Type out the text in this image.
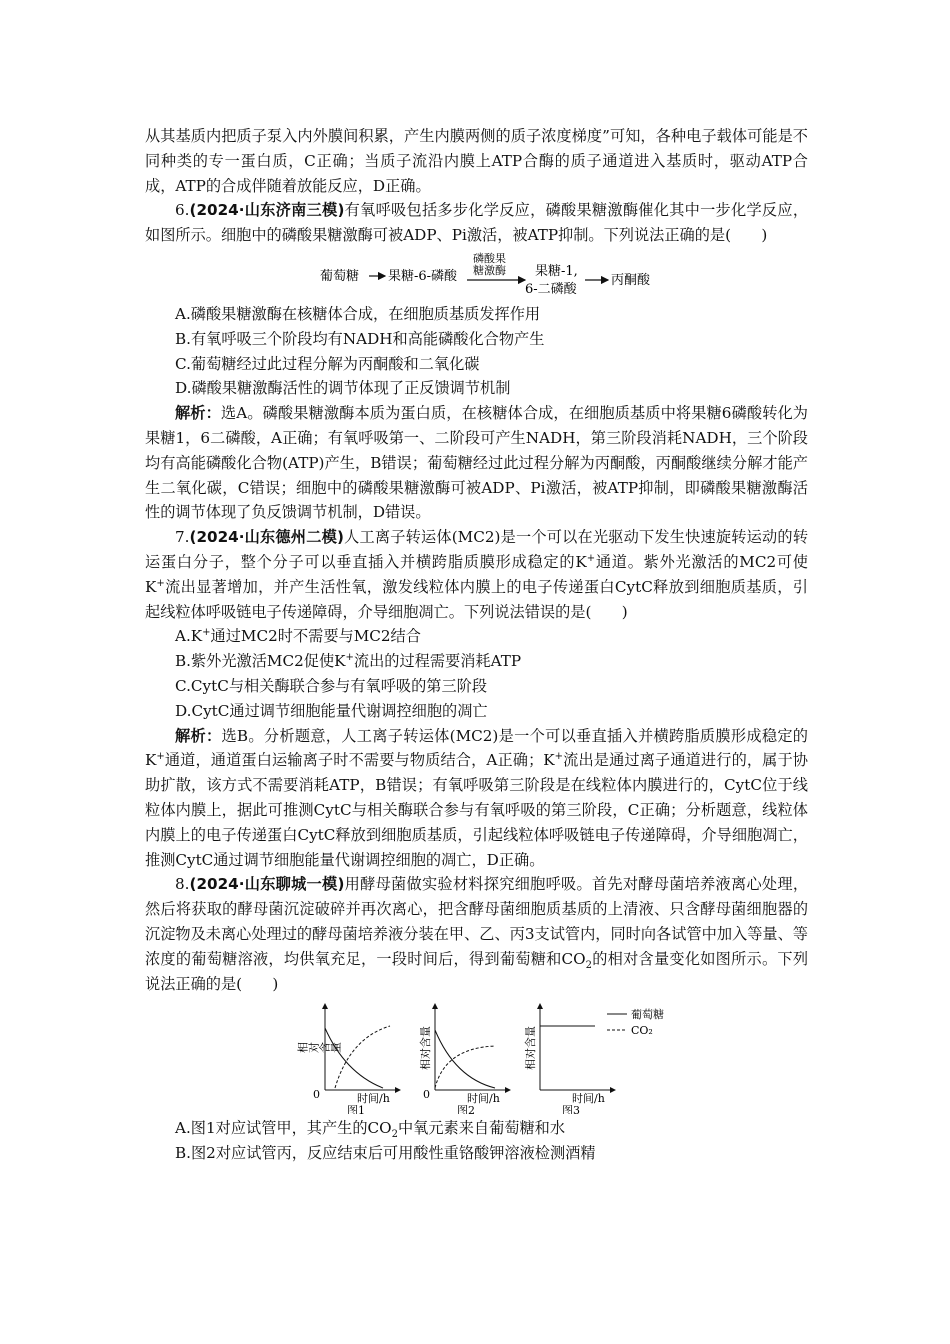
从其基质内把质子泵入内外膜间积累，产生内膜两侧的质子浓度梯度”可知，各种电子载体可能是不同种类的专一蛋白质，C正确；当质子流沿内膜上ATP合酶的质子通道进入基质时，驱动ATP合成，ATP的合成伴随着放能反应，D正确。

6.(2024·山东济南三模)有氧呼吸包括多步化学反应，磷酸果糖激酶催化其中一步化学反应，如图所示。细胞中的磷酸果糖激酶可被ADP、Pi激活，被ATP抑制。下列说法正确的是(　　)

葡萄糖 果糖-6-磷酸
磷酸果
糖激酶 果糖-1,
6-二磷酸
丙酮酸

A.磷酸果糖激酶在核糖体合成，在细胞质基质发挥作用

B.有氧呼吸三个阶段均有NADH和高能磷酸化合物产生

C.葡萄糖经过此过程分解为丙酮酸和二氧化碳

D.磷酸果糖激酶活性的调节体现了正反馈调节机制

解析：选A。磷酸果糖激酶本质为蛋白质，在核糖体合成，在细胞质基质中将果糖6磷酸转化为果糖1，6二磷酸，A正确；有氧呼吸第一、二阶段可产生NADH，第三阶段消耗NADH，三个阶段均有高能磷酸化合物(ATP)产生，B错误；葡萄糖经过此过程分解为丙酮酸，丙酮酸继续分解才能产生二氧化碳，C错误；细胞中的磷酸果糖激酶可被ADP、Pi激活，被ATP抑制，即磷酸果糖激酶活性的调节体现了负反馈调节机制，D错误。

7.(2024·山东德州二模)人工离子转运体(MC2)是一个可以在光驱动下发生快速旋转运动的转运蛋白分子，整个分子可以垂直插入并横跨脂质膜形成稳定的K+通道。紫外光激活的MC2可使K+流出显著增加，并产生活性氧，激发线粒体内膜上的电子传递蛋白CytC释放到细胞质基质，引起线粒体呼吸链电子传递障碍，介导细胞凋亡。下列说法错误的是(　　)

A.K+通过MC2时不需要与MC2结合

B.紫外光激活MC2促使K+流出的过程需要消耗ATP

C.CytC与相关酶联合参与有氧呼吸的第三阶段

D.CytC通过调节细胞能量代谢调控细胞的凋亡

解析：选B。分析题意，人工离子转运体(MC2)是一个可以垂直插入并横跨脂质膜形成稳定的K+通道，通道蛋白运输离子时不需要与物质结合，A正确；K+流出是通过离子通道进行的，属于协助扩散，该方式不需要消耗ATP，B错误；有氧呼吸第三阶段是在线粒体内膜进行的，CytC位于线粒体内膜上，据此可推测CytC与相关酶联合参与有氧呼吸的第三阶段，C正确；分析题意，线粒体内膜上的电子传递蛋白CytC释放到细胞质基质，引起线粒体呼吸链电子传递障碍，介导细胞凋亡，推测CytC通过调节细胞能量代谢调控细胞的凋亡，D正确。

8.(2024·山东聊城一模)用酵母菌做实验材料探究细胞呼吸。首先对酵母菌培养液离心处理，然后将获取的酵母菌沉淀破碎并再次离心，把含酵母菌细胞质基质的上清液、只含酵母菌细胞器的沉淀物及未离心处理过的酵母菌培养液分装在甲、乙、丙3支试管内，同时向各试管中加入等量、等浓度的葡萄糖溶液，均供氧充足，一段时间后，得到葡萄糖和$CO_2$的相对含量变化如图所示。下列说法正确的是(　　)

相对含量
0	时间/h
图1
相对含量
0	时间/h
图2
相对含量
时间/h
图3
葡萄糖
CO₂

A.图1对应试管甲，其产生的$CO_2$中氧元素来自葡萄糖和水

B.图2对应试管丙，反应结束后可用酸性重铬酸钾溶液检测酒精
